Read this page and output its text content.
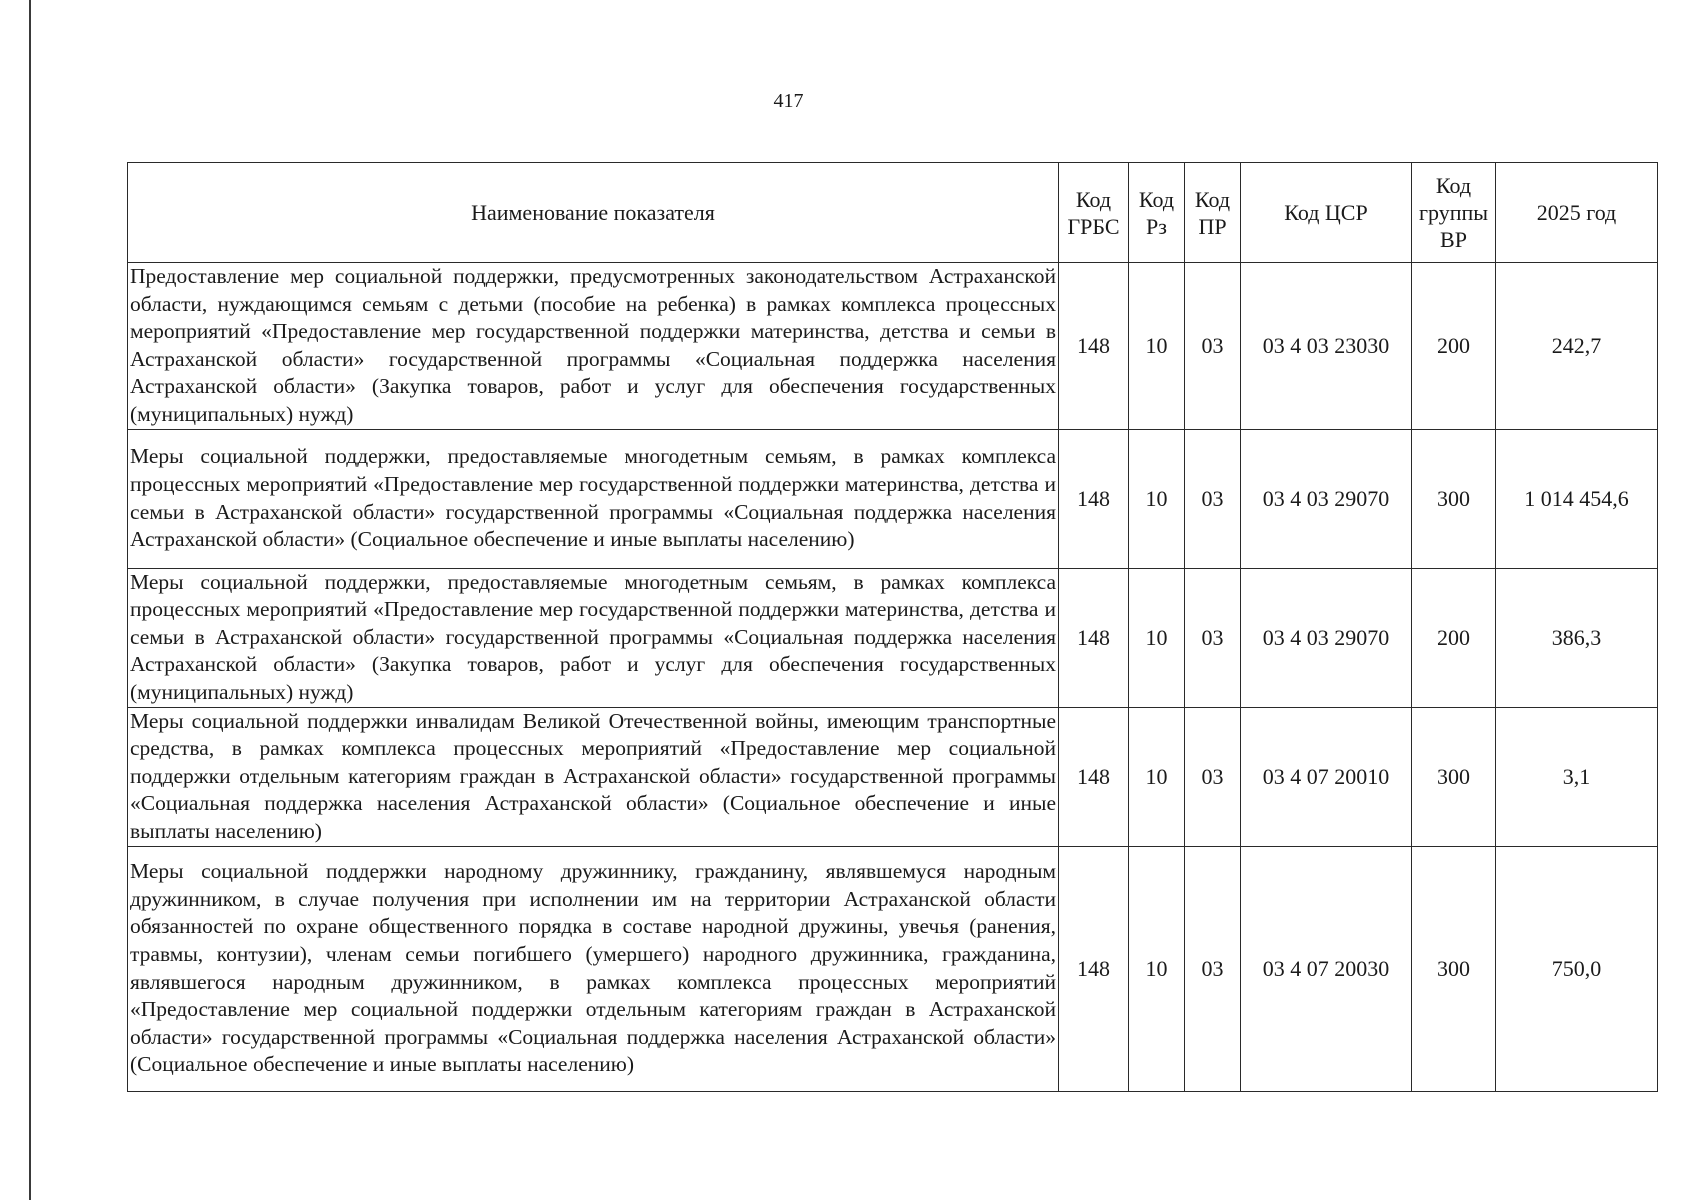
417
Наименование показателя	Код ГРБС	Код Рз	Код ПР	Код ЦСР	Код группы ВР	2025 год
Предоставление мер социальной поддержки, предусмотренных законодательством Астраханской области, нуждающимся семьям с детьми (пособие на ребенка) в рамках комплекса процессных мероприятий «Предоставление мер государственной поддержки материнства, детства и семьи в Астраханской области» государственной программы «Социальная поддержка населения Астраханской области» (Закупка товаров, работ и услуг для обеспечения государственных (муниципальных) нужд)	148	10	03	03 4 03 23030	200	242,7
Меры социальной поддержки, предоставляемые многодетным семьям, в рамках комплекса процессных мероприятий «Предоставление мер государственной поддержки материнства, детства и семьи в Астраханской области» государственной программы «Социальная поддержка населения Астраханской области» (Социальное обеспечение и иные выплаты населению)	148	10	03	03 4 03 29070	300	1 014 454,6
Меры социальной поддержки, предоставляемые многодетным семьям, в рамках комплекса процессных мероприятий «Предоставление мер государственной поддержки материнства, детства и семьи в Астраханской области» государственной программы «Социальная поддержка населения Астраханской области» (Закупка товаров, работ и услуг для обеспечения государственных (муниципальных) нужд)	148	10	03	03 4 03 29070	200	386,3
Меры социальной поддержки инвалидам Великой Отечественной войны, имеющим транспортные средства, в рамках комплекса процессных мероприятий «Предоставление мер социальной поддержки отдельным категориям граждан в Астраханской области» государственной программы «Социальная поддержка населения Астраханской области» (Социальное обеспечение и иные выплаты населению)	148	10	03	03 4 07 20010	300	3,1
Меры социальной поддержки народному дружиннику, гражданину, являвшемуся народным дружинником, в случае получения при исполнении им на территории Астраханской области обязанностей по охране общественного порядка в составе народной дружины, увечья (ранения, травмы, контузии), членам семьи погибшего (умершего) народного дружинника, гражданина, являвшегося народным дружинником, в рамках комплекса процессных мероприятий «Предоставление мер социальной поддержки отдельным категориям граждан в Астраханской области» государственной программы «Социальная поддержка населения Астраханской области» (Социальное обеспечение и иные выплаты населению)	148	10	03	03 4 07 20030	300	750,0
